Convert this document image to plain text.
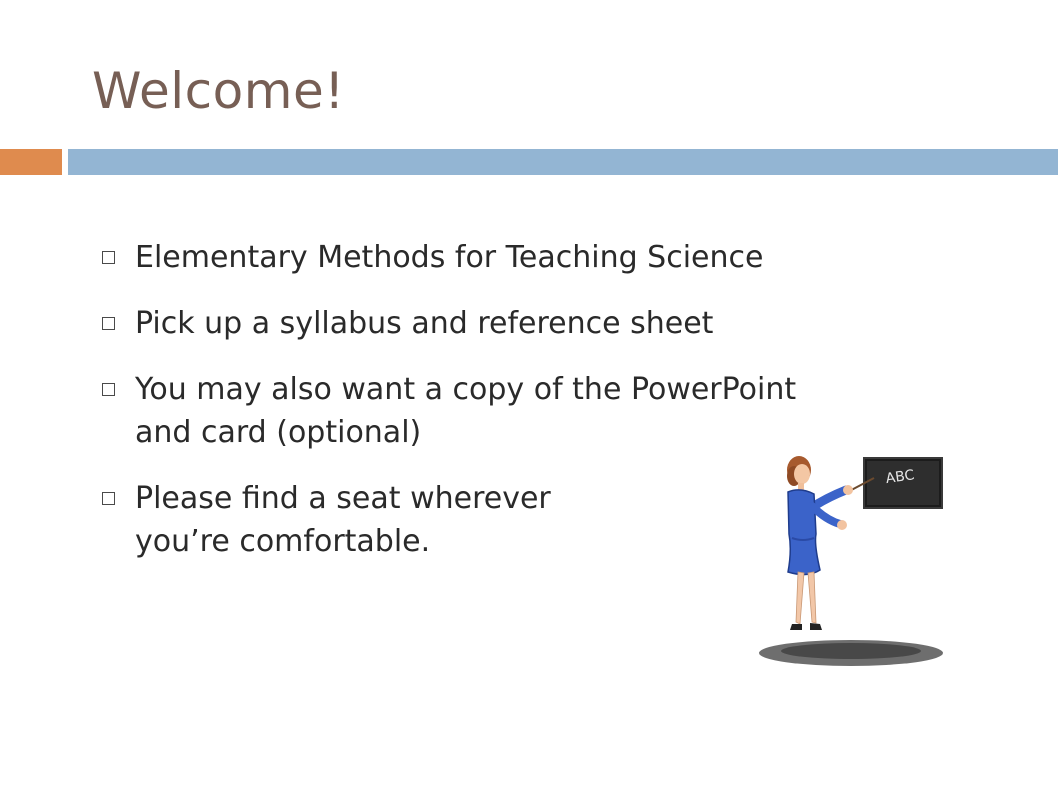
Welcome!
Elementary Methods for Teaching Science
Pick up a syllabus and reference sheet
You may also want a copy of the PowerPoint
and card (optional)
Please find a seat wherever
you’re comfortable.
ABC
